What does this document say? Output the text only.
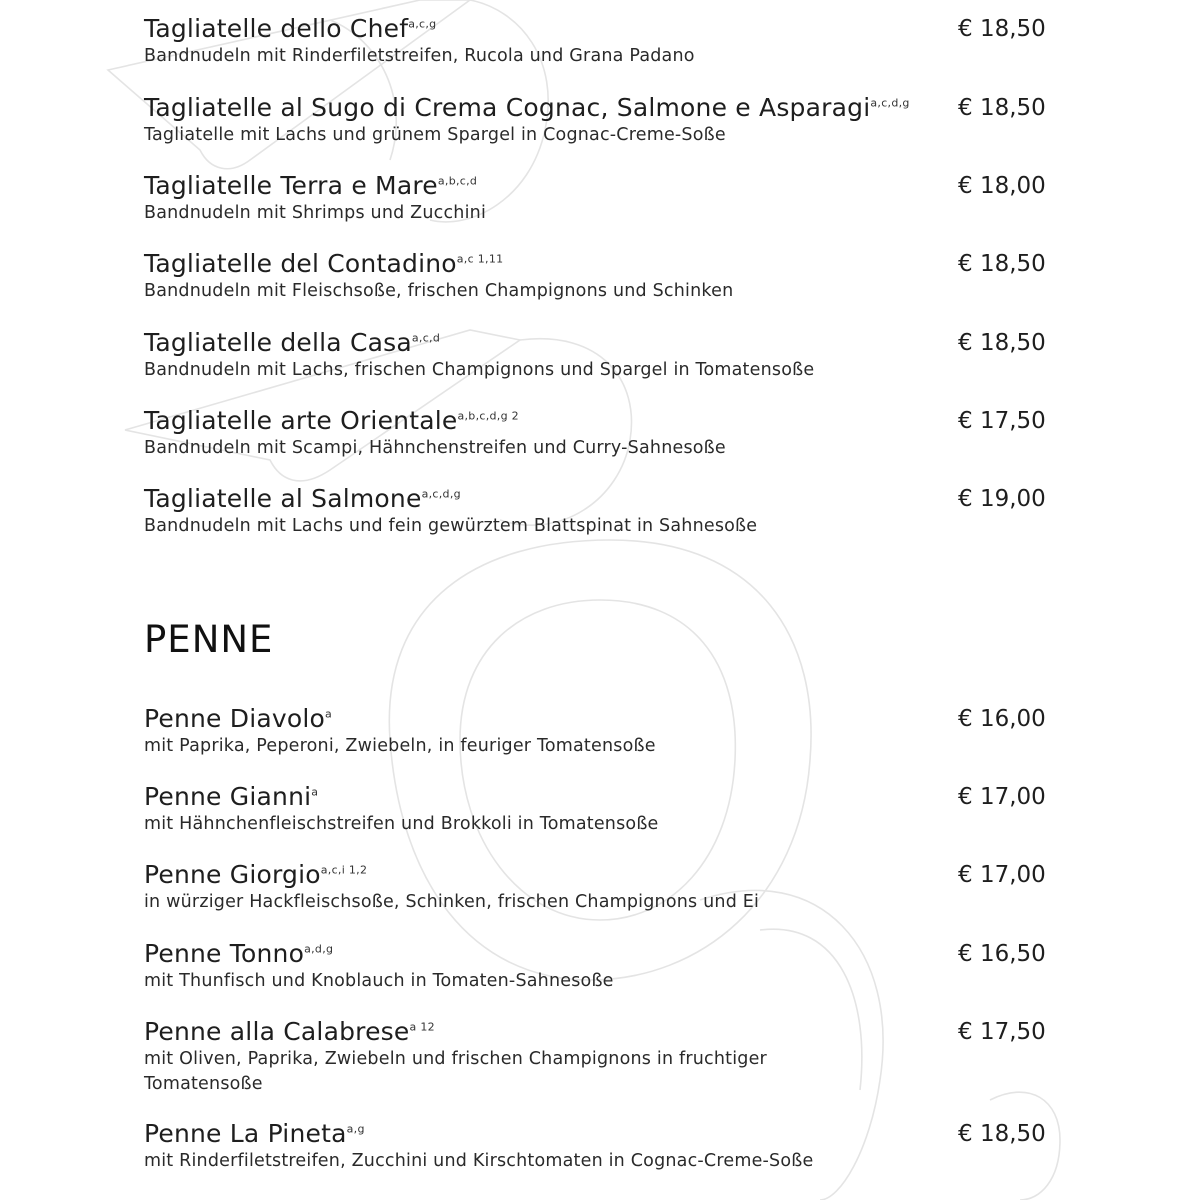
Tagliatelle dello Chef$^{a,c,g}$	€ 18,50
Bandnudeln mit Rinderfiletstreifen, Rucola und Grana Padano
Tagliatelle al Sugo di Crema Cognac, Salmone e Asparagi$^{a,c,d,g}$ € 18,50
Tagliatelle mit Lachs und grünem Spargel in Cognac-Creme-Soße
Tagliatelle Terra e Mare$^{a,b,c,d}$	€ 18,00
Bandnudeln mit Shrimps und Zucchini
Tagliatelle del Contadino$^{a,c 1,11}$	€ 18,50
Bandnudeln mit Fleischsoße, frischen Champignons und Schinken
Tagliatelle della Casa$^{a,c,d}$	€ 18,50
Bandnudeln mit Lachs, frischen Champignons und Spargel in Tomatensoße
Tagliatelle arte Orientale$^{a,b,c,d,g 2}$	€ 17,50
Bandnudeln mit Scampi, Hähnchenstreifen und Curry-Sahnesoße
Tagliatelle al Salmone$^{a,c,d,g}$	€ 19,00
Bandnudeln mit Lachs und fein gewürztem Blattspinat in Sahnesoße
PENNE
Penne Diavolo$^a$	€ 16,00
mit Paprika, Peperoni, Zwiebeln, in feuriger Tomatensoße
Penne Gianni$^a$	€ 17,00
mit Hähnchenfleischstreifen und Brokkoli in Tomatensoße
Penne Giorgio$^{a,c,i 1,2}$	€ 17,00
in würziger Hackfleischsoße, Schinken, frischen Champignons und Ei
Penne Tonno$^{a,d,g}$	€ 16,50
mit Thunfisch und Knoblauch in Tomaten-Sahnesoße
Penne alla Calabrese$^{a 12}$	€ 17,50
mit Oliven, Paprika, Zwiebeln und frischen Champignons in fruchtiger Tomatensoße
Penne La Pineta$^{a,g}$	€ 18,50
mit Rinderfiletstreifen, Zucchini und Kirschtomaten in Cognac-Creme-Soße
